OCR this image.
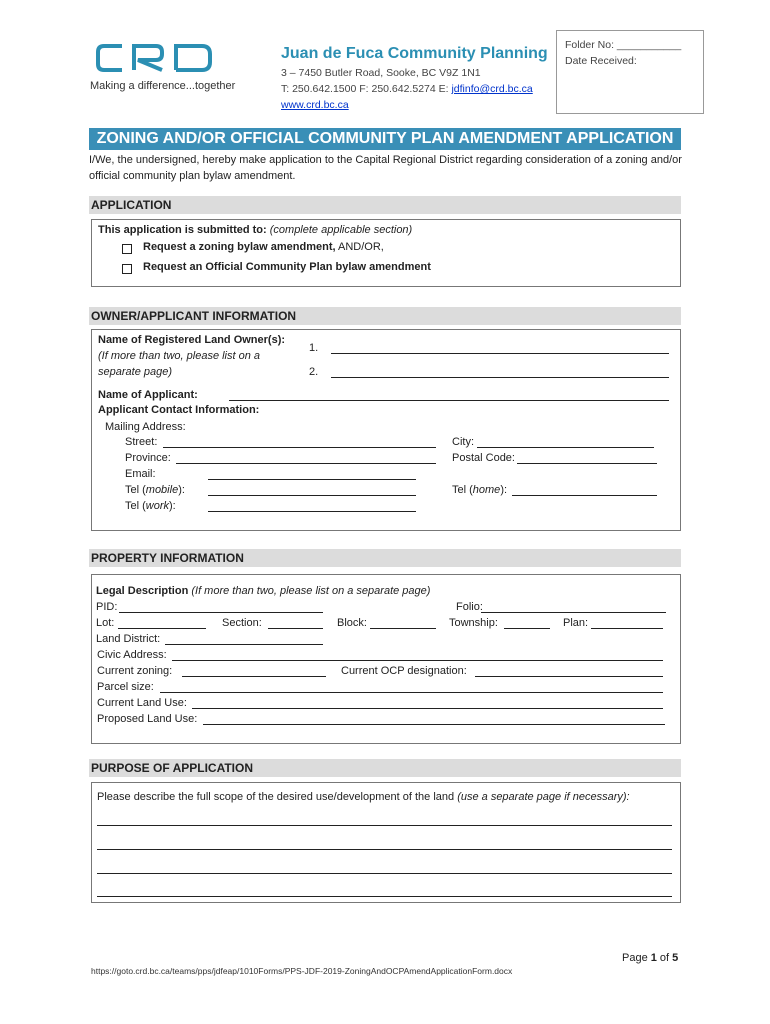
Making a difference...together
Juan de Fuca Community Planning
3 – 7450 Butler Road, Sooke, BC V9Z 1N1
T: 250.642.1500 F: 250.642.5274 E: jdfinfo@crd.bc.ca
www.crd.bc.ca
Folder No: ___________
Date Received:
ZONING AND/OR OFFICIAL COMMUNITY PLAN AMENDMENT APPLICATION
I/We, the undersigned, hereby make application to the Capital Regional District regarding consideration of a zoning and/or official community plan bylaw amendment.
APPLICATION
This application is submitted to: (complete applicable section)
Request a zoning bylaw amendment, AND/OR,
Request an Official Community Plan bylaw amendment
OWNER/APPLICANT INFORMATION
Name of Registered Land Owner(s):
(If more than two, please list on a
separate page)
1.
2.
Name of Applicant:
Applicant Contact Information:
Mailing Address:
Street:	City:
Province:	Postal Code:
Email:
Tel (mobile):	Tel (home):
Tel (work):
PROPERTY INFORMATION
Legal Description (If more than two, please list on a separate page)
PID:	Folio:
Lot:	Section:	Block:	Township:	Plan:
Land District:
Civic Address:
Current zoning:	Current OCP designation:
Parcel size:
Current Land Use:
Proposed Land Use:
PURPOSE OF APPLICATION
Please describe the full scope of the desired use/development of the land (use a separate page if necessary):
Page 1 of 5
https://goto.crd.bc.ca/teams/pps/jdfeap/1010Forms/PPS-JDF-2019-ZoningAndOCPAmendApplicationForm.docx
